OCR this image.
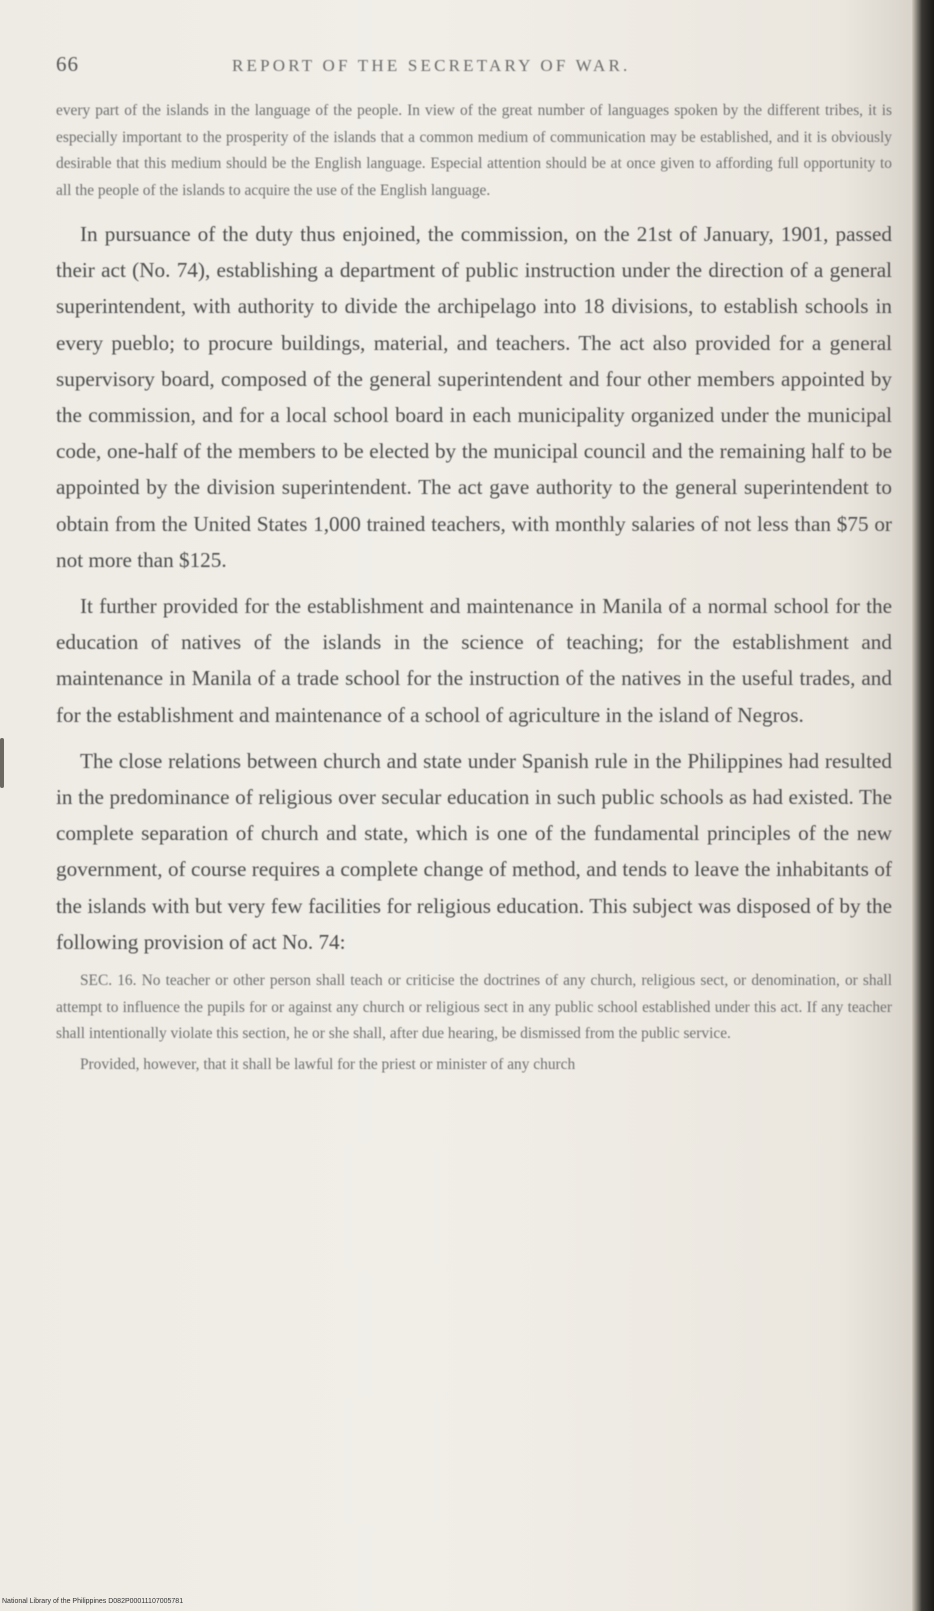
66	REPORT OF THE SECRETARY OF WAR.

every part of the islands in the language of the people. In view of the great number of languages spoken by the different tribes, it is especially important to the prosperity of the islands that a common medium of communication may be established, and it is obviously desirable that this medium should be the English language. Especial attention should be at once given to affording full opportunity to all the people of the islands to acquire the use of the English language.

In pursuance of the duty thus enjoined, the commission, on the 21st of January, 1901, passed their act (No. 74), establishing a department of public instruction under the direction of a general superintendent, with authority to divide the archipelago into 18 divisions, to establish schools in every pueblo; to procure buildings, material, and teachers. The act also provided for a general supervisory board, composed of the general superintendent and four other members appointed by the commission, and for a local school board in each municipality organized under the municipal code, one-half of the members to be elected by the municipal council and the remaining half to be appointed by the division superintendent. The act gave authority to the general superintendent to obtain from the United States 1,000 trained teachers, with monthly salaries of not less than $75 or not more than $125.

It further provided for the establishment and maintenance in Manila of a normal school for the education of natives of the islands in the science of teaching; for the establishment and maintenance in Manila of a trade school for the instruction of the natives in the useful trades, and for the establishment and maintenance of a school of agriculture in the island of Negros.

The close relations between church and state under Spanish rule in the Philippines had resulted in the predominance of religious over secular education in such public schools as had existed. The complete separation of church and state, which is one of the fundamental principles of the new government, of course requires a complete change of method, and tends to leave the inhabitants of the islands with but very few facilities for religious education. This subject was disposed of by the following provision of act No. 74:

SEC. 16. No teacher or other person shall teach or criticise the doctrines of any church, religious sect, or denomination, or shall attempt to influence the pupils for or against any church or religious sect in any public school established under this act. If any teacher shall intentionally violate this section, he or she shall, after due hearing, be dismissed from the public service.

Provided, however, that it shall be lawful for the priest or minister of any church

National Library of the Philippines D082P00011107005781
